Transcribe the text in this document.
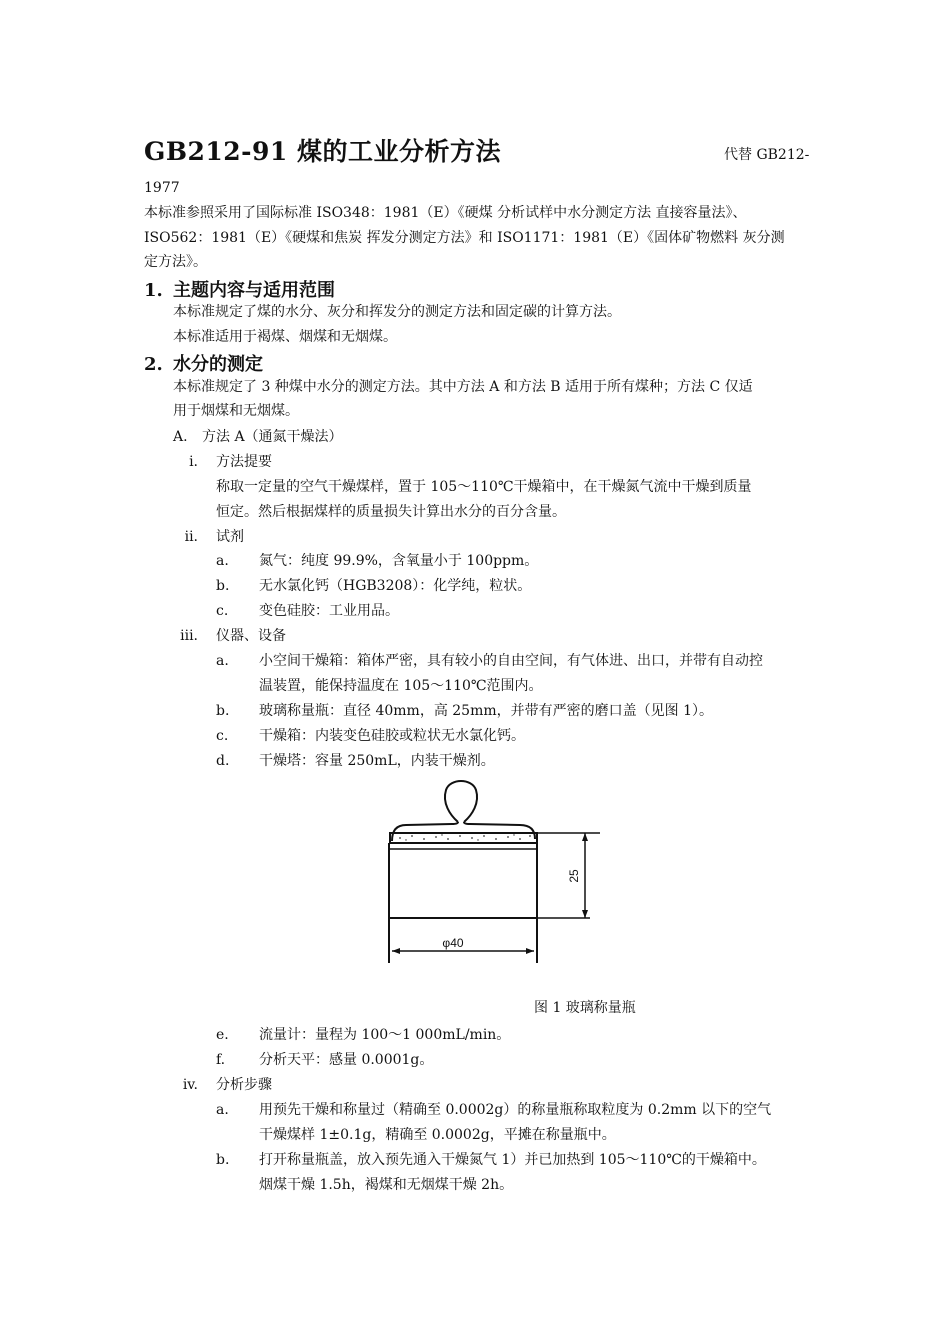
GB212-91 煤的工业分析方法	代替 GB212-
1977
本标准参照采用了国际标准 ISO348：1981（E）《硬煤 分析试样中水分测定方法 直接容量法》、
ISO562：1981（E）《硬煤和焦炭 挥发分测定方法》和 ISO1171：1981（E）《固体矿物燃料 灰分测
定方法》。
1. 主题内容与适用范围
本标准规定了煤的水分、灰分和挥发分的测定方法和固定碳的计算方法。
本标准适用于褐煤、烟煤和无烟煤。
2. 水分的测定
本标准规定了 3 种煤中水分的测定方法。其中方法 A 和方法 B 适用于所有煤种；方法 C 仅适
用于烟煤和无烟煤。
A. 方法 A（通氮干燥法）
i. 方法提要
称取一定量的空气干燥煤样，置于 105～110℃干燥箱中，在干燥氮气流中干燥到质量
恒定。然后根据煤样的质量损失计算出水分的百分含量。
ii. 试剂
a. 氮气：纯度 99.9%，含氧量小于 100ppm。
b. 无水氯化钙（HGB3208）：化学纯，粒状。
c. 变色硅胶：工业用品。
iii. 仪器、设备
a. 小空间干燥箱：箱体严密，具有较小的自由空间，有气体进、出口，并带有自动控
温装置，能保持温度在 105～110℃范围内。
b. 玻璃称量瓶：直径 40mm，高 25mm，并带有严密的磨口盖（见图 1）。
c. 干燥箱：内装变色硅胶或粒状无水氯化钙。
d. 干燥塔：容量 250mL，内装干燥剂。
25
φ40
图 1 玻璃称量瓶
e. 流量计：量程为 100～1 000mL/min。
f. 分析天平：感量 0.0001g。
iv. 分析步骤
a. 用预先干燥和称量过（精确至 0.0002g）的称量瓶称取粒度为 0.2mm 以下的空气
干燥煤样 1±0.1g，精确至 0.0002g，平摊在称量瓶中。
b. 打开称量瓶盖，放入预先通入干燥氮气 1）并已加热到 105～110℃的干燥箱中。
烟煤干燥 1.5h，褐煤和无烟煤干燥 2h。
